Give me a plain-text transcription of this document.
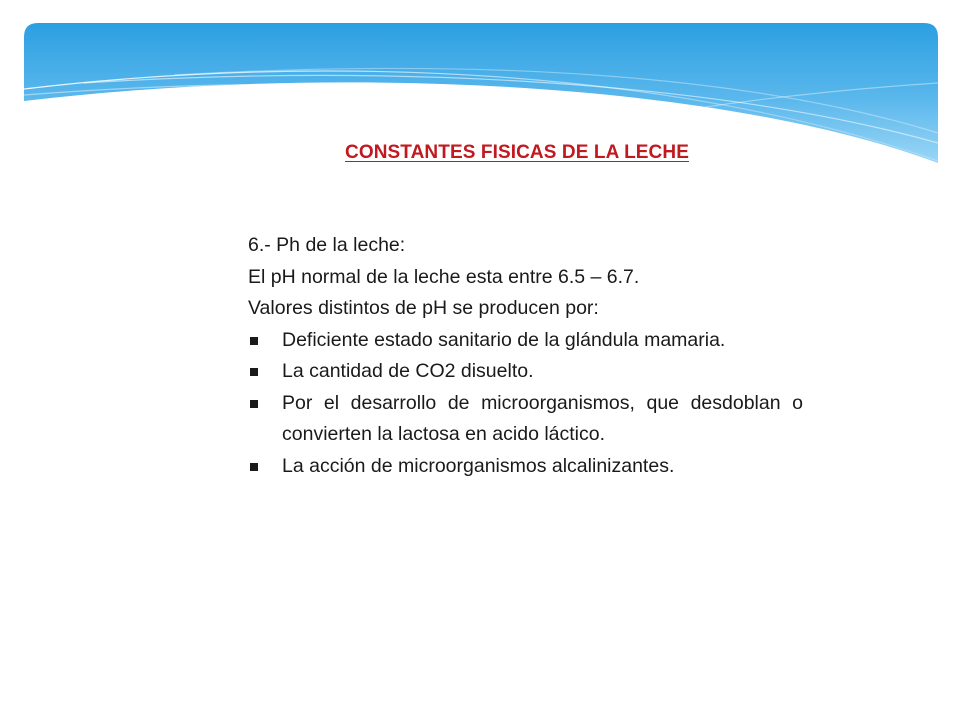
CONSTANTES FISICAS DE LA LECHE

6.- Ph de la leche:

El pH normal de la leche esta entre 6.5 – 6.7.

Valores distintos de pH se producen por:

Deficiente estado sanitario de la glándula mamaria.
La cantidad de CO2 disuelto.
Por el desarrollo de microorganismos, que desdoblan o convierten la lactosa en acido láctico.
La acción de microorganismos alcalinizantes.
